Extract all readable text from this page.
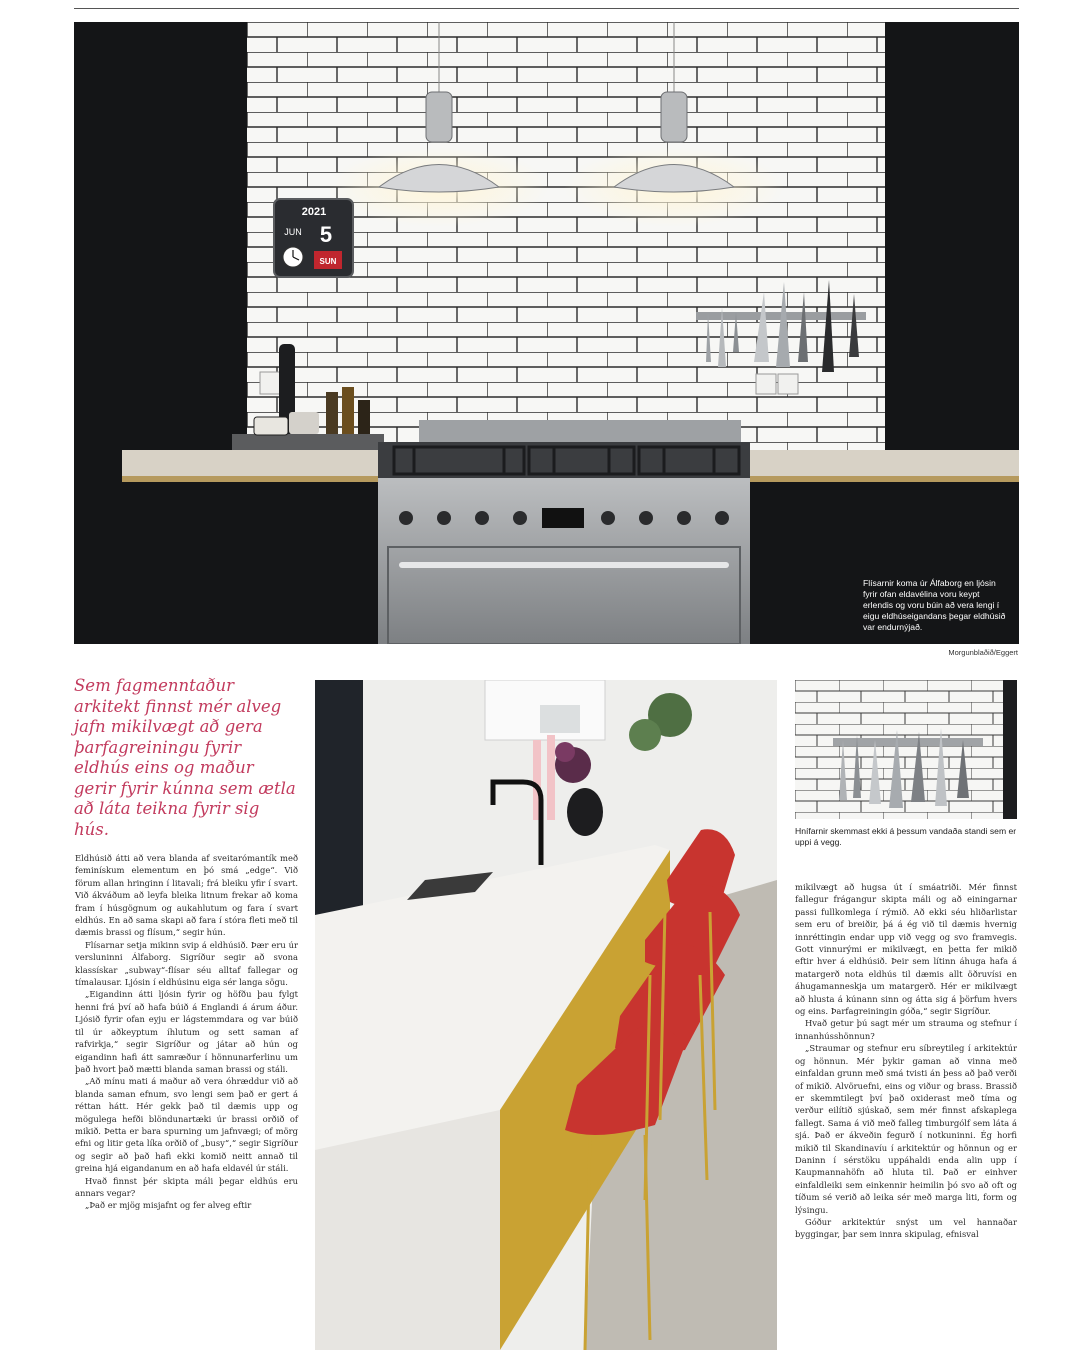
2021
JUN 5
SUN
Flísarnir koma úr Álfaborg en ljósin fyrir ofan eldavélina voru keypt erlendis og voru búin að vera lengi í eigu eldhúseigandans þegar eldhúsið var endurnýjað.
Morgunblaðið/Eggert
Sem fagmenntaður arkitekt finnst mér alveg jafn mikilvægt að gera þarfagreiningu fyrir eldhús eins og maður gerir fyrir kúnna sem ætla að láta teikna fyrir sig hús.

Eldhúsið átti að vera blanda af sveitarómantík með feminískum elementum en þó smá „edge“. Við förum allan hringinn í litavali; frá bleiku yfir í svart. Við ákváðum að leyfa bleika litnum frekar að koma fram í húsgögnum og aukahlutum og fara í svart eldhús. En að sama skapi að fara í stóra fleti með til dæmis brassi og flísum,“ segir hún.

Flísarnar setja mikinn svip á eldhúsið. Þær eru úr versluninni Álfaborg. Sigríður segir að svona klassískar „subway“-flísar séu alltaf fallegar og tímalausar. Ljósin í eldhúsinu eiga sér langa sögu.

„Eigandinn átti ljósin fyrir og höfðu þau fylgt henni frá því að hafa búið á Englandi á árum áður. Ljósið fyrir ofan eyju er lágstemmdara og var búið til úr aðkeyptum íhlutum og sett saman af rafvirkja,“ segir Sigríður og játar að hún og eigandinn hafi átt samræður í hönnunarferlinu um það hvort það mætti blanda saman brassi og stáli.

„Að mínu mati á maður að vera óhræddur við að blanda saman efnum, svo lengi sem það er gert á réttan hátt. Hér gekk það til dæmis upp og mögulega hefði blöndunartæki úr brassi orðið of mikið. Þetta er bara spurning um jafnvægi; of mörg efni og litir geta líka orðið of „busy“,“ segir Sigríður og segir að það hafi ekki komið neitt annað til greina hjá eigandanum en að hafa eldavél úr stáli.

Hvað finnst þér skipta máli þegar eldhús eru annars vegar?

„Það er mjög misjafnt og fer alveg eftir

Hnífarnir skemmast ekki á þessum vandaða standi sem er uppi á vegg.

mikilvægt að hugsa út í smáatriði. Mér finnst fallegur frágangur skipta máli og að einingarnar passi fullkomlega í rýmið. Að ekki séu hliðarlistar sem eru of breiðir, þá á ég við til dæmis hvernig innréttingin endar upp við vegg og svo framvegis. Gott vinnurými er mikilvægt, en þetta fer mikið eftir hver á eldhúsið. Þeir sem lítinn áhuga hafa á matargerð nota eldhús til dæmis allt öðruvísi en áhugamanneskja um matargerð. Hér er mikilvægt að hlusta á kúnann sinn og átta sig á þörfum hvers og eins. Þarfagreiningin góða,“ segir Sigríður.

Hvað getur þú sagt mér um strauma og stefnur í innanhússhönnun?

„Straumar og stefnur eru síbreytileg í arkitektúr og hönnun. Mér þykir gaman að vinna með einfaldan grunn með smá tvisti án þess að það verði of mikið. Alvöruefni, eins og viður og brass. Brassið er skemmtilegt því það oxiderast með tíma og verður eilítið sjúskað, sem mér finnst afskaplega fallegt. Sama á við með falleg timburgólf sem láta á sjá. Það er ákveðin fegurð í notkuninni. Ég horfi mikið til Skandinavíu í arkitektúr og hönnun og er Daninn í sérstöku uppáhaldi enda alin upp í Kaupmannahöfn að hluta til. Það er einhver einfaldleiki sem einkennir heimilin þó svo að oft og tíðum sé verið að leika sér með marga liti, form og lýsingu.

Góður arkitektúr snýst um vel hannaðar byggingar, þar sem innra skipulag, efnisval
